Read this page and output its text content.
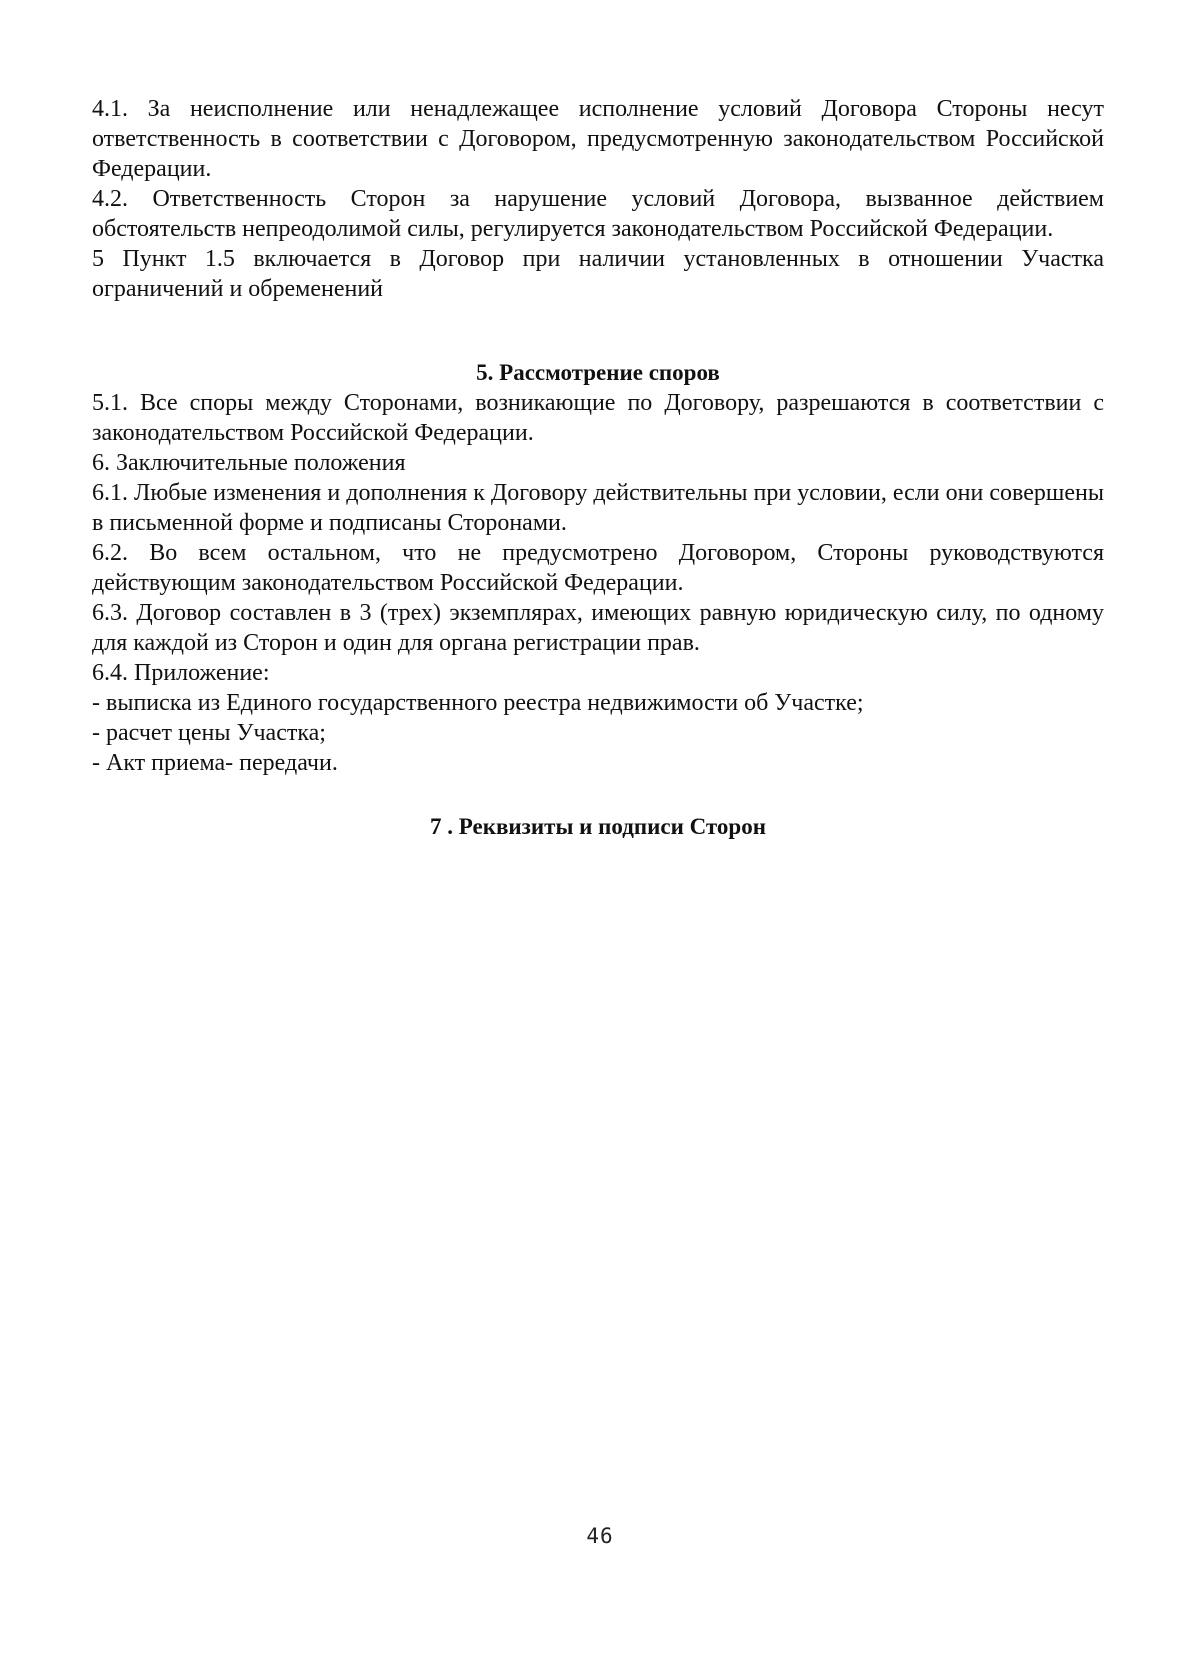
4.1. За неисполнение или ненадлежащее исполнение условий Договора Стороны несут ответственность в соответствии с Договором, предусмотренную законодательством Российской Федерации.

4.2. Ответственность Сторон за нарушение условий Договора, вызванное действием обстоятельств непреодолимой силы, регулируется законодательством Российской Федерации.

5 Пункт 1.5 включается в Договор при наличии установленных в отношении Участка ограничений и обременений

5. Рассмотрение споров

5.1. Все споры между Сторонами, возникающие по Договору, разрешаются в соответствии с законодательством Российской Федерации.

6. Заключительные положения

6.1. Любые изменения и дополнения к Договору действительны при условии, если они совершены в письменной форме и подписаны Сторонами.

6.2. Во всем остальном, что не предусмотрено Договором, Стороны руководствуются действующим законодательством Российской Федерации.

6.3. Договор составлен в 3 (трех) экземплярах, имеющих равную юридическую силу, по одному для каждой из Сторон и один для органа регистрации прав.

6.4. Приложение:

- выписка из Единого государственного реестра недвижимости об Участке;

- расчет цены Участка;

- Акт приема- передачи.

7 . Реквизиты и подписи Сторон
46
